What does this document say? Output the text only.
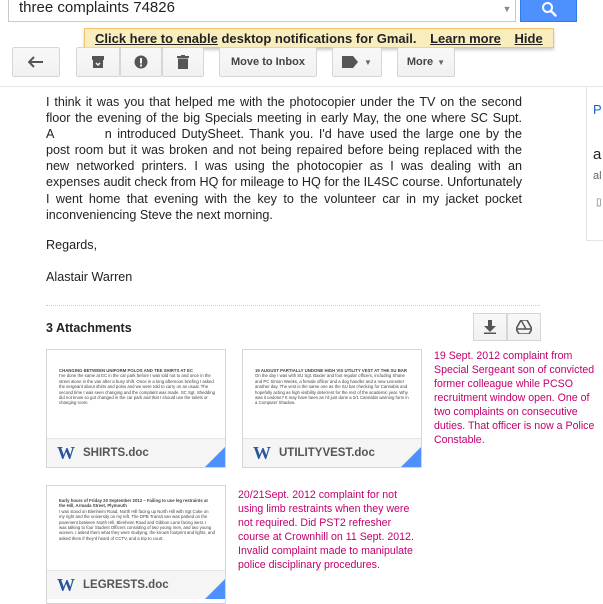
three complaints 74826	▼
Click here to enable desktop notifications for Gmail. Learn more Hide
Move to Inbox	▼	More ▼
P
a
al
▯
I think it was you that helped me with the photocopier under the TV on the second floor the evening of the big Specials meeting in early May, the one where SC Supt. A    n introduced DutySheet. Thank you. I'd have used the large one by the post room but it was broken and not being repaired before being replaced with the new networked printers. I was using the photocopier as I was dealing with an expenses audit check from HQ for mileage to HQ for the IL4SC course. Unfortunately I went home that evening with the key to the volunteer car in my jacket pocket inconveniencing Steve the next morning.
Regards,
Alastair Warren
3 Attachments
CHANGING BETWEEN UNIFORM POLOS AND TEE SHIRTS AT EC
I've done the same at EC in the car park before I was told not to and once in the street alone in the van after a busy shift. Once in a long afternoon briefing I asked the sergeant about shirts and polos and we were told to carry on as usual. The second time I was seen changing and the complaint was made. SC Sgt. Shedding did not know so got changed in the car park and that I should use the toilets or changing room.
W SHIRTS.doc
19 AUGUST PARTIALLY UNDONE HIGH VIS UTILITY VEST AT THE SU BAR
On the day I was with SU Sgt. Baxter and foot regular officers, including Shane and PC Simon Weeks, a female officer and a dog handler and a new Leicester another day. The vest is the same one as the SU bar checking for Cannabis and hopefully acting as high visibility deterrent for the rest of the academic year. Why was it undone? It may have been as I'd just done a 2/1 Cannabis warning form in a Computer Shadow.
W UTILITYVEST.doc
Early hours of Friday 20 September 2012 – Failing to use leg restraints at the Hill, Armada Street, Plymouth
I was stood on Blenheim Road, North Hill facing up North Hill with Sgt Coke on my right and the university on my left. The DPB Transit van was parked on the pavement between North Hill, Blenheim Road and Gibbon Lane facing west. I was talking to four Student Officers consisting of two young men, and two young women. I asked them what they were studying, the known footprint and lights, and asked them if they'd heard of CCTV, and a trip to court.
W LEGRESTS.doc
19 Sept. 2012 complaint from Special Sergeant son of convicted former colleague while PCSO recruitment window open. One of two complaints on consecutive duties. That officer is now a Police Constable.
20/21Sept. 2012 complaint for not using limb restraints when they were not required. Did PST2 refresher course at Crownhill on 11 Sept. 2012. Invalid complaint made to manipulate police disciplinary procedures.
